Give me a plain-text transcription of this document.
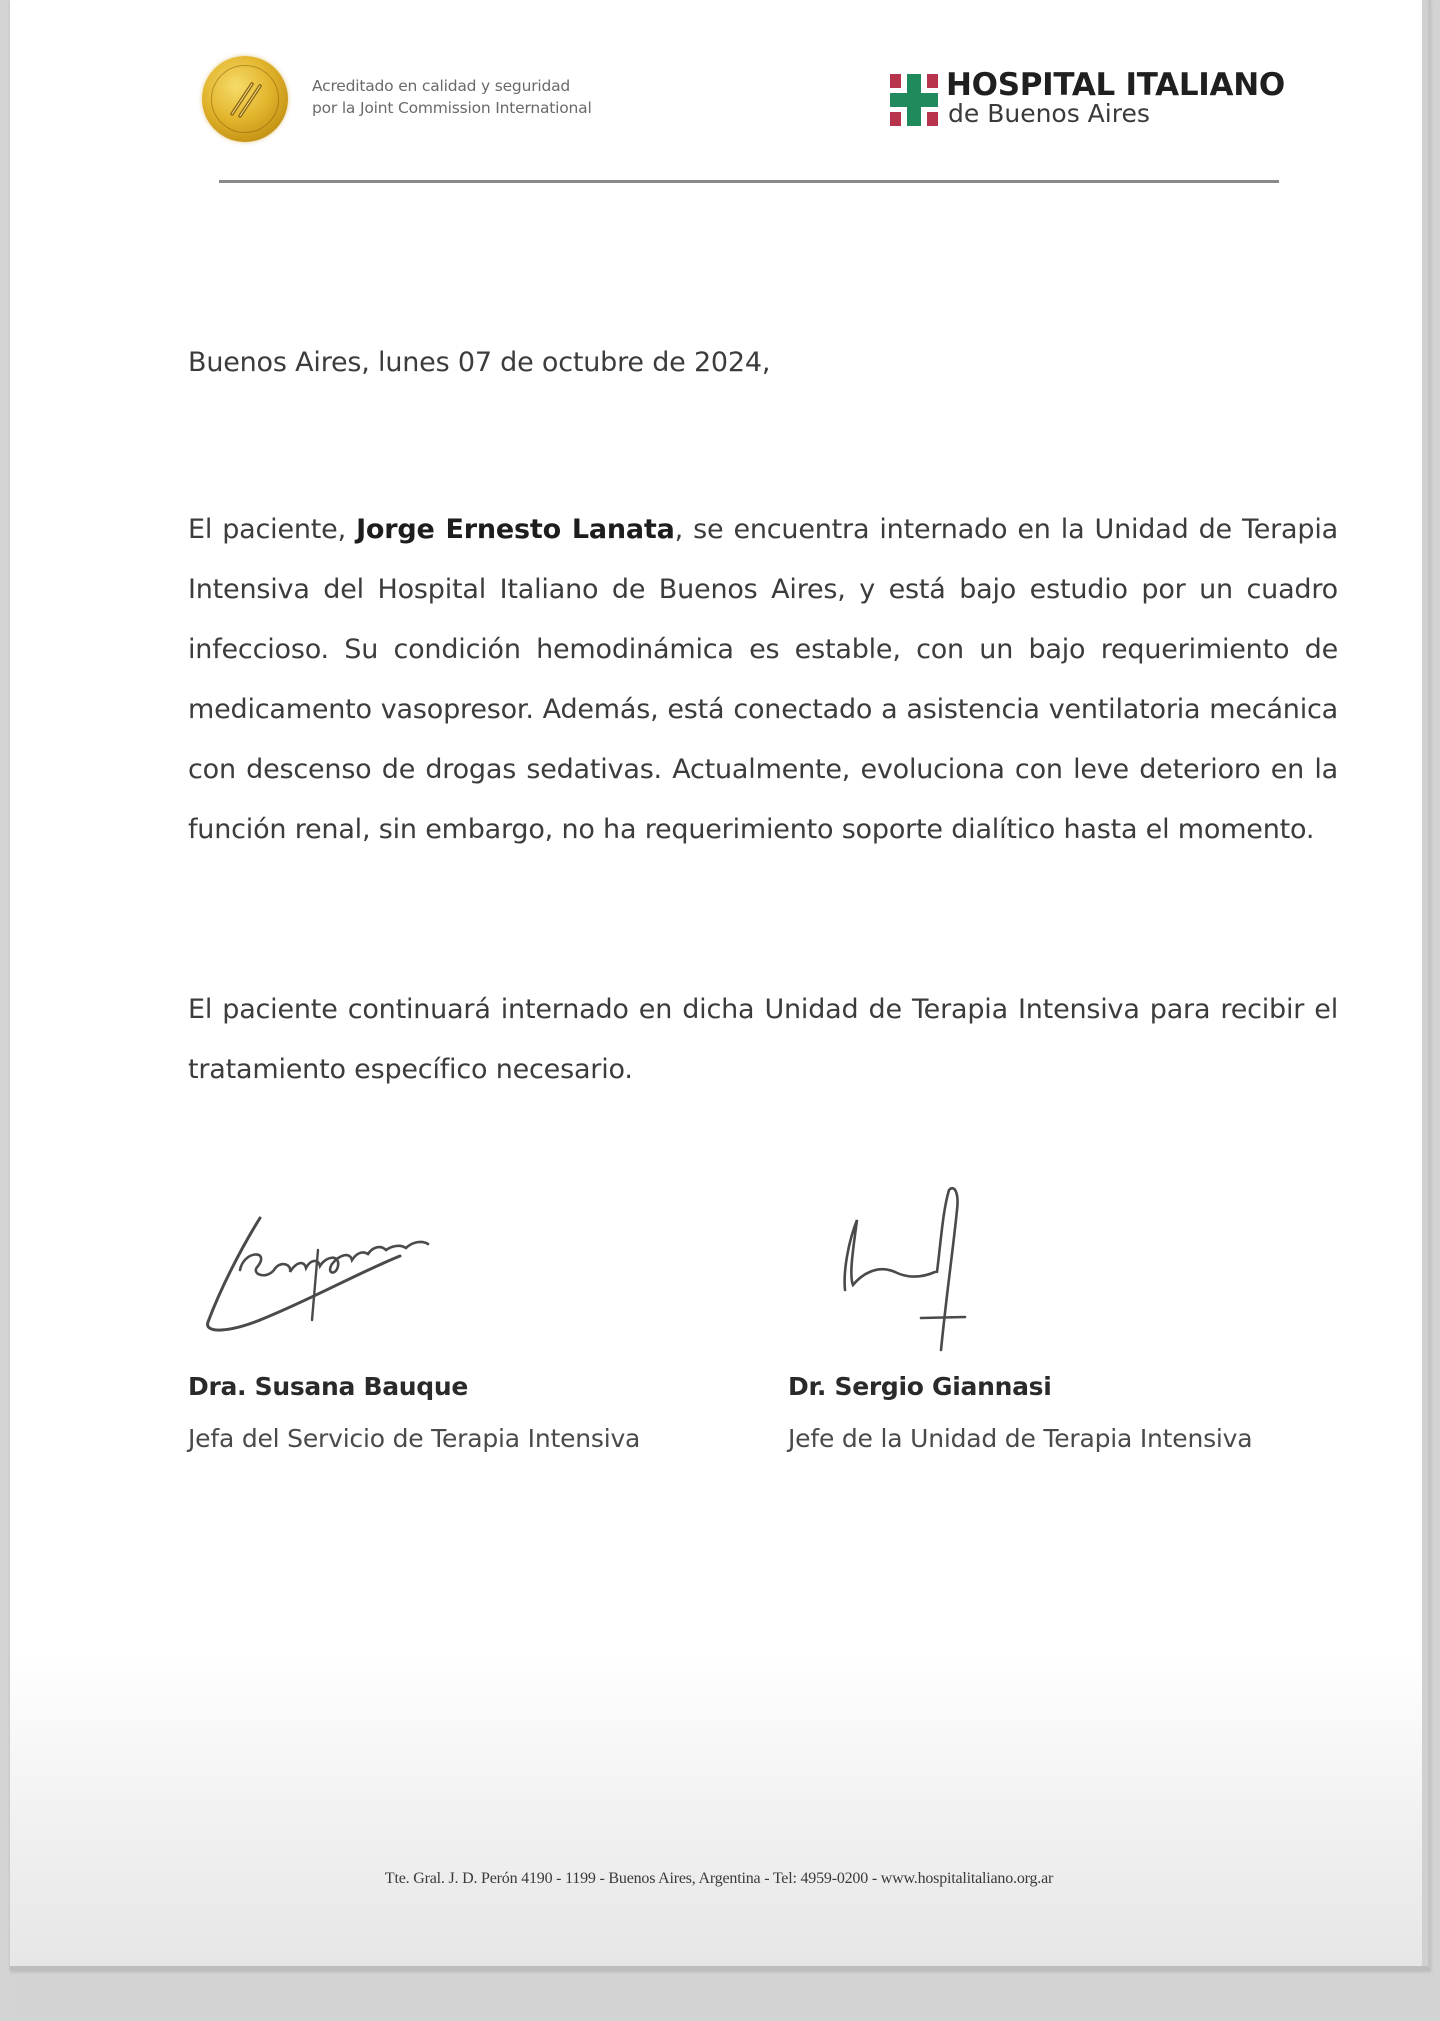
Acreditado en calidad y seguridad
por la Joint Commission International
HOSPITAL ITALIANO
de Buenos Aires
Buenos Aires, lunes 07 de octubre de 2024,
El paciente, Jorge Ernesto Lanata, se encuentra internado en la Unidad de Terapia Intensiva del Hospital Italiano de Buenos Aires, y está bajo estudio por un cuadro infeccioso. Su condición hemodinámica es estable, con un bajo requerimiento de medicamento vasopresor. Además, está conectado a asistencia ventilatoria mecánica con descenso de drogas sedativas. Actualmente, evoluciona con leve deterioro en la función renal, sin embargo, no ha requerimiento soporte dialítico hasta el momento.
El paciente continuará internado en dicha Unidad de Terapia Intensiva para recibir el tratamiento específico necesario.
Dra. Susana Bauque
Jefa del Servicio de Terapia Intensiva
Dr. Sergio Giannasi
Jefe de la Unidad de Terapia Intensiva
Tte. Gral. J. D. Perón 4190 - 1199 - Buenos Aires, Argentina - Tel: 4959-0200 - www.hospitalitaliano.org.ar
